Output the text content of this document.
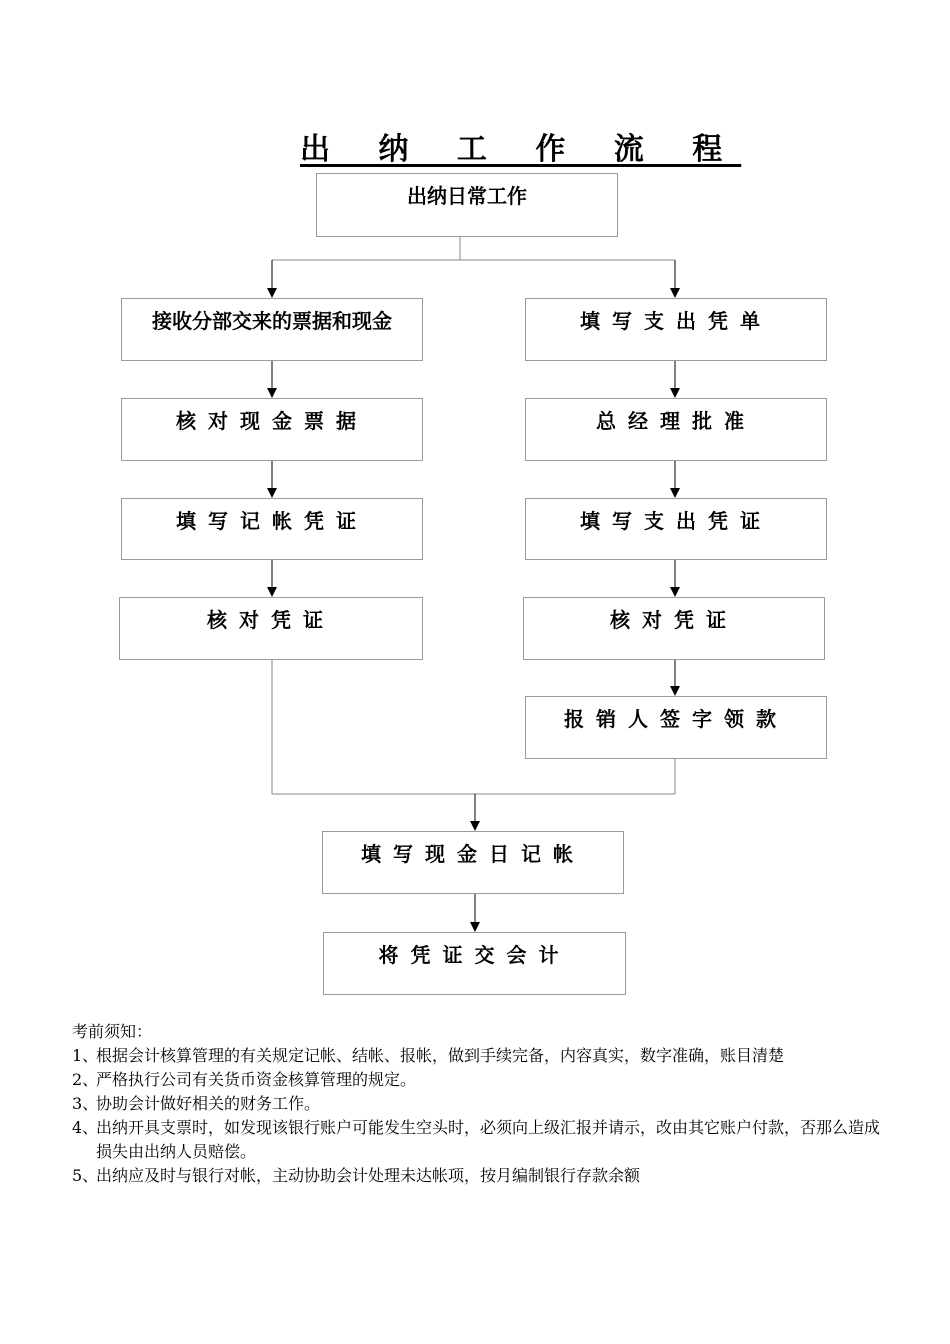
出 纳 工 作 流 程
出纳日常工作
接收分部交来的票据和现金
核对现金票据
填写记帐凭证
核对凭证
填写支出凭单
总经理批准
填写支出凭证
核对凭证
报销人签字领款
填写现金日记帐
将凭证交会计
考前须知：
1、
根据会计核算管理的有关规定记帐、结帐、报帐，做到手续完备，内容真实，数字准确，账目清楚
2、
严格执行公司有关货币资金核算管理的规定。
3、
协助会计做好相关的财务工作。
4、
出纳开具支票时，如发现该银行账户可能发生空头时，必须向上级汇报并请示，改由其它账户付款，否那么造成损失由出纳人员赔偿。
5、
出纳应及时与银行对帐，主动协助会计处理未达帐项，按月编制银行存款余额
